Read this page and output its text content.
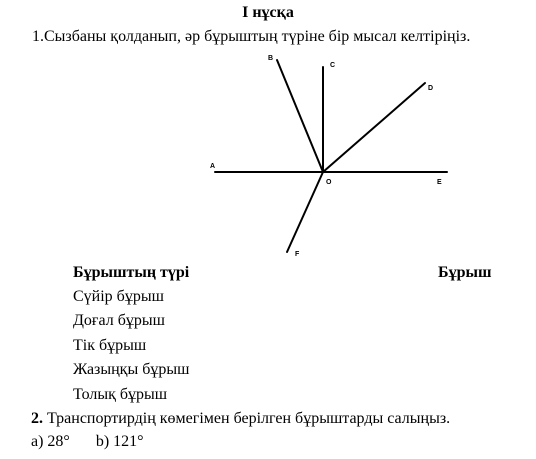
I нұсқа
1.Сызбаны қолданып, әр бұрыштың түріне бір мысал келтіріңіз.
B
C
D
A
O	E
F
Бұрыштың түрі	Бұрыш
Сүйір бұрыш
Доғал бұрыш
Тік бұрыш
Жазыңқы бұрыш
Толық бұрыш
2. Транспортирдің көмегімен берілген бұрыштарды салыңыз.
a) 28° b) 121°
